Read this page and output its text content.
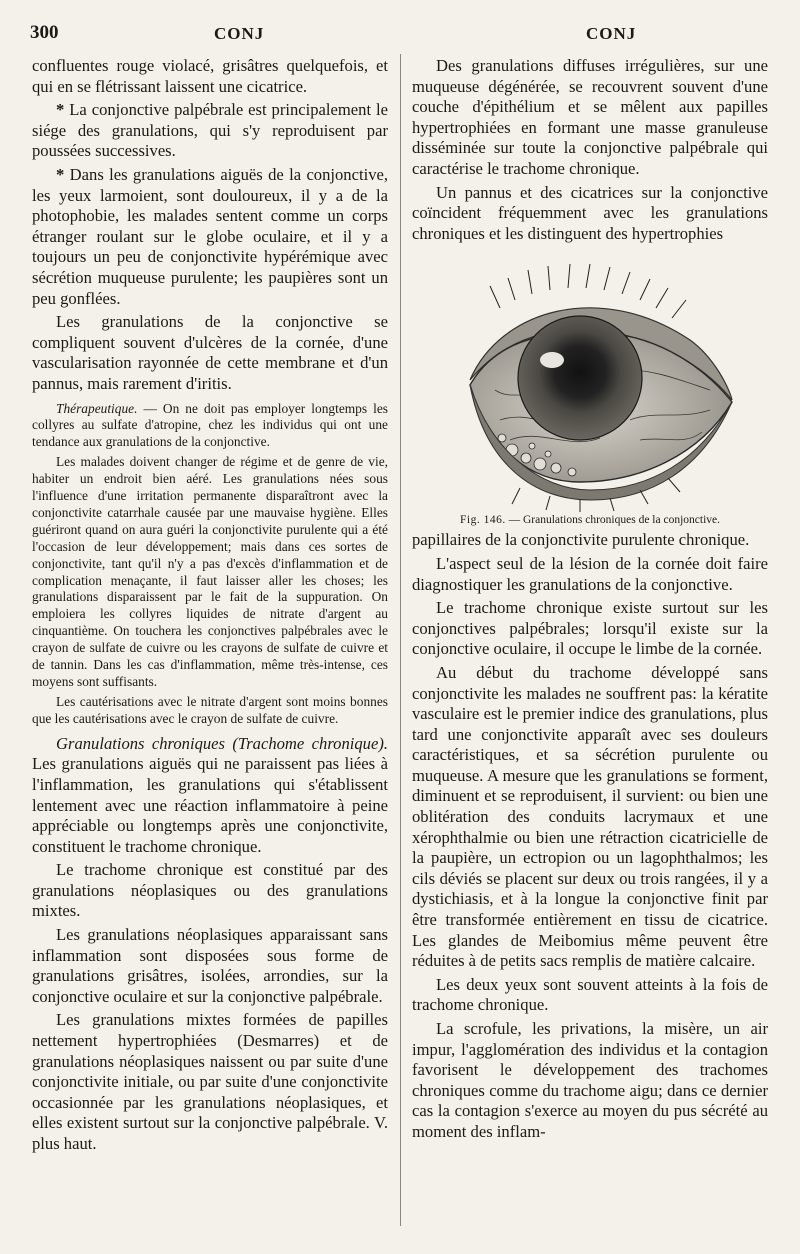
300	CONJ	CONJ

confluentes rouge violacé, grisâtres quelquefois, et qui en se flétrissant laissent une cicatrice.

* La conjonctive palpébrale est principalement le siége des granulations, qui s'y reproduisent par poussées successives.

* Dans les granulations aiguës de la conjonctive, les yeux larmoient, sont douloureux, il y a de la photophobie, les malades sentent comme un corps étranger roulant sur le globe oculaire, et il y a toujours un peu de conjonctivite hypérémique avec sécrétion muqueuse purulente; les paupières sont un peu gonflées.

Les granulations de la conjonctive se compliquent souvent d'ulcères de la cornée, d'une vascularisation rayonnée de cette membrane et d'un pannus, mais rarement d'iritis.

Thérapeutique. — On ne doit pas employer longtemps les collyres au sulfate d'atropine, chez les individus qui ont une tendance aux granulations de la conjonctive.

Les malades doivent changer de régime et de genre de vie, habiter un endroit bien aéré. Les granulations nées sous l'influence d'une irritation permanente disparaîtront avec la conjonctivite catarrhale causée par une mauvaise hygiène. Elles guériront quand on aura guéri la conjonctivite purulente qui a été l'occasion de leur développement; mais dans ces sortes de conjonctivite, tant qu'il n'y a pas d'excès d'inflammation et de complication menaçante, il faut laisser aller les choses; les granulations disparaissent par le fait de la suppuration. On emploiera les collyres liquides de nitrate d'argent au cinquantième. On touchera les conjonctives palpébrales avec le crayon de sulfate de cuivre ou les crayons de sulfate de cuivre et de tannin. Dans les cas d'inflammation, même très-intense, ces moyens sont suffisants.

Les cautérisations avec le nitrate d'argent sont moins bonnes que les cautérisations avec le crayon de sulfate de cuivre.

Granulations chroniques (Trachome chronique). Les granulations aiguës qui ne paraissent pas liées à l'inflammation, les granulations qui s'établissent lentement avec une réaction inflammatoire à peine appréciable ou longtemps après une conjonctivite, constituent le trachome chronique.

Le trachome chronique est constitué par des granulations néoplasiques ou des granulations mixtes.

Les granulations néoplasiques apparaissant sans inflammation sont disposées sous forme de granulations grisâtres, isolées, arrondies, sur la conjonctive oculaire et sur la conjonctive palpébrale.

Les granulations mixtes formées de papilles nettement hypertrophiées (Desmarres) et de granulations néoplasiques naissent ou par suite d'une conjonctivite initiale, ou par suite d'une conjonctivite occasionnée par les granulations néoplasiques, et elles existent surtout sur la conjonctive palpébrale. V. plus haut.

Des granulations diffuses irrégulières, sur une muqueuse dégénérée, se recouvrent souvent d'une couche d'épithélium et se mêlent aux papilles hypertrophiées en formant une masse granuleuse disséminée sur toute la conjonctive palpébrale qui caractérise le trachome chronique.

Un pannus et des cicatrices sur la conjonctive coïncident fréquemment avec les granulations chroniques et les distinguent des hypertrophies

Fig. 146. — Granulations chroniques de la conjonctive.

papillaires de la conjonctivite purulente chronique.

L'aspect seul de la lésion de la cornée doit faire diagnostiquer les granulations de la conjonctive.

Le trachome chronique existe surtout sur les conjonctives palpébrales; lorsqu'il existe sur la conjonctive oculaire, il occupe le limbe de la cornée.

Au début du trachome développé sans conjonctivite les malades ne souffrent pas: la kératite vasculaire est le premier indice des granulations, plus tard une conjonctivite apparaît avec ses douleurs caractéristiques, et sa sécrétion purulente ou muqueuse. A mesure que les granulations se forment, diminuent et se reproduisent, il survient: ou bien une oblitération des conduits lacrymaux et une xérophthalmie ou bien une rétraction cicatricielle de la paupière, un ectropion ou un lagophthalmos; les cils déviés se placent sur deux ou trois rangées, il y a dystichiasis, et à la longue la conjonctive finit par être transformée entièrement en tissu de cicatrice. Les glandes de Meibomius même peuvent être réduites à de petits sacs remplis de matière calcaire.

Les deux yeux sont souvent atteints à la fois de trachome chronique.

La scrofule, les privations, la misère, un air impur, l'agglomération des individus et la contagion favorisent le développement des trachomes chroniques comme du trachome aigu; dans ce dernier cas la contagion s'exerce au moyen du pus sécrété au moment des inflam-
